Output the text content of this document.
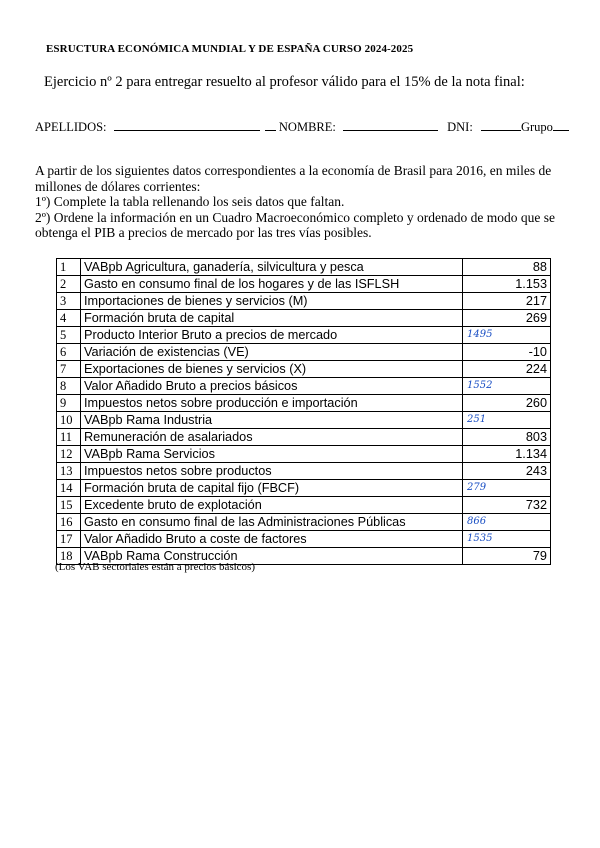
ESRUCTURA ECONÓMICA MUNDIAL Y DE ESPAÑA CURSO 2024-2025
Ejercicio nº 2 para entregar resuelto al profesor válido para el 15% de la nota final:
APELLIDOS:	NOMBRE:	DNI:	Grupo

A partir de los siguientes datos correspondientes a la economía de Brasil para 2016, en miles de millones de dólares corrientes:

1º) Complete la tabla rellenando los seis datos que faltan.

2º) Ordene la información en un Cuadro Macroeconómico completo y ordenado de modo que se obtenga el PIB a precios de mercado por las tres vías posibles.

1	VABpb Agricultura, ganadería, silvicultura y pesca	88
2	Gasto en consumo final de los hogares y de las ISFLSH	1.153
3	Importaciones de bienes y servicios (M)	217
4	Formación bruta de capital	269
5	Producto Interior Bruto a precios de mercado	1495
6	Variación de existencias (VE)	-10
7	Exportaciones de bienes y servicios (X)	224
8	Valor Añadido Bruto a precios básicos	1552
9	Impuestos netos sobre producción e importación	260
10	VABpb Rama Industria	251
11	Remuneración de asalariados	803
12	VABpb Rama Servicios	1.134
13	Impuestos netos sobre productos	243
14	Formación bruta de capital fijo (FBCF)	279
15	Excedente bruto de explotación	732
16	Gasto en consumo final de las Administraciones Públicas	866
17	Valor Añadido Bruto a coste de factores	1535
18	VABpb Rama Construcción	79
(Los VAB sectoriales están a precios básicos)
